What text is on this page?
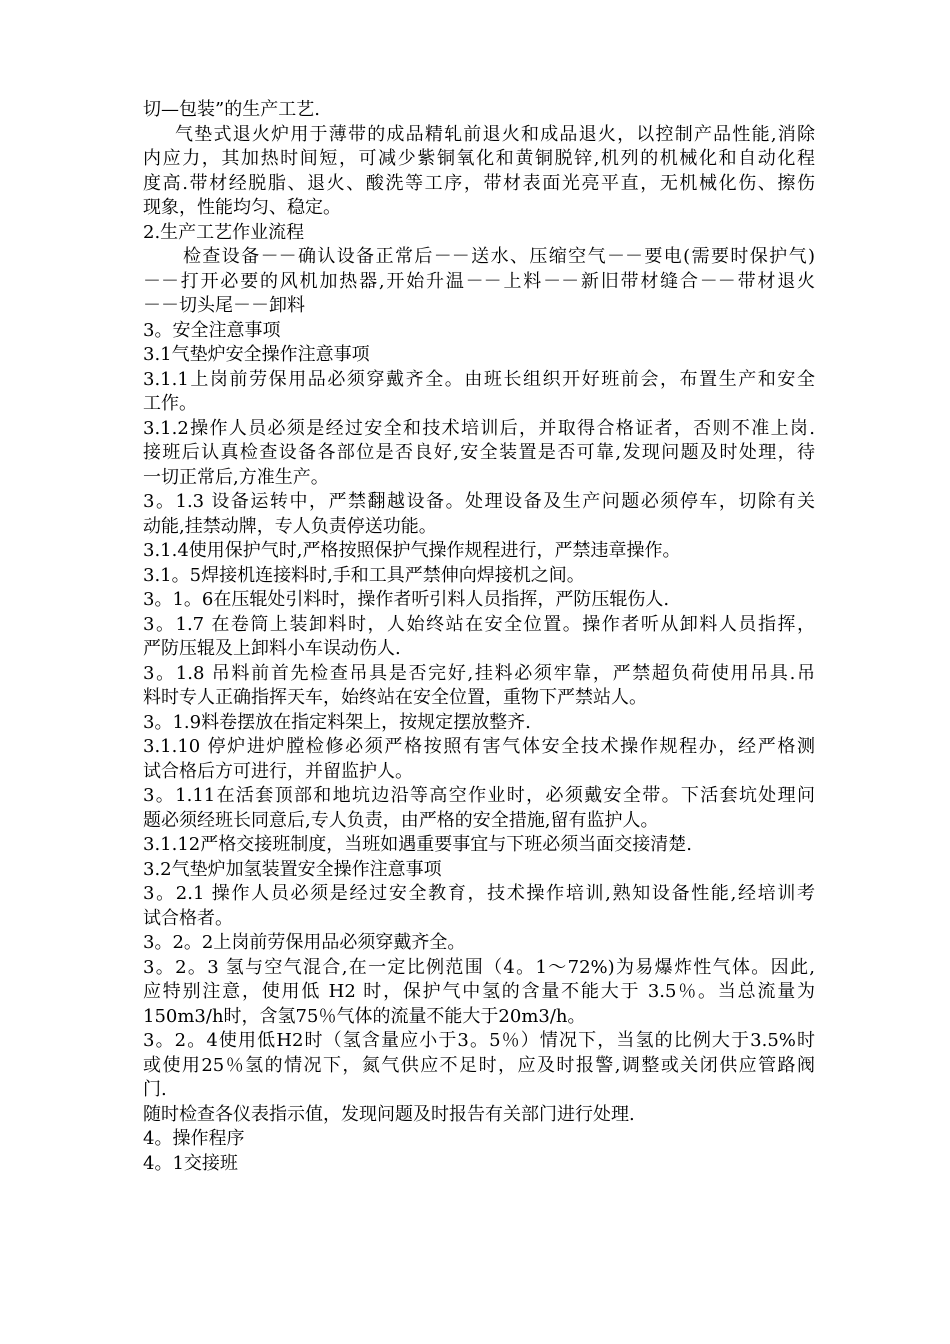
切—包装”的生产工艺.
气垫式退火炉用于薄带的成品精轧前退火和成品退火，以控制产品性能,消除
内应力，其加热时间短，可减少紫铜氧化和黄铜脱锌,机列的机械化和自动化程
度高.带材经脱脂、退火、酸洗等工序，带材表面光亮平直，无机械化伤、擦伤
现象，性能均匀、稳定。
2.生产工艺作业流程
检查设备－－确认设备正常后－－送水、压缩空气－－要电(需要时保护气)
－－打开必要的风机加热器,开始升温－－上料－－新旧带材缝合－－带材退火
－－切头尾－－卸料
3。安全注意事项
3.1气垫炉安全操作注意事项
3.1.1上岗前劳保用品必须穿戴齐全。由班长组织开好班前会，布置生产和安全
工作。
3.1.2操作人员必须是经过安全和技术培训后，并取得合格证者，否则不准上岗.
接班后认真检查设备各部位是否良好,安全装置是否可靠,发现问题及时处理，待
一切正常后,方准生产。
3。1.3 设备运转中，严禁翻越设备。处理设备及生产问题必须停车，切除有关
动能,挂禁动牌，专人负责停送功能。
3.1.4使用保护气时,严格按照保护气操作规程进行，严禁违章操作。
3.1。5焊接机连接料时,手和工具严禁伸向焊接机之间。
3。1。6在压辊处引料时，操作者听引料人员指挥，严防压辊伤人.
3。1.7 在卷筒上装卸料时，人始终站在安全位置。操作者听从卸料人员指挥，
严防压辊及上卸料小车误动伤人.
3。1.8 吊料前首先检查吊具是否完好,挂料必须牢靠，严禁超负荷使用吊具.吊
料时专人正确指挥天车，始终站在安全位置，重物下严禁站人。
3。1.9料卷摆放在指定料架上，按规定摆放整齐.
3.1.10 停炉进炉膛检修必须严格按照有害气体安全技术操作规程办，经严格测
试合格后方可进行，并留监护人。
3。1.11在活套顶部和地坑边沿等高空作业时，必须戴安全带。下活套坑处理问
题必须经班长同意后,专人负责，由严格的安全措施,留有监护人。
3.1.12严格交接班制度，当班如遇重要事宜与下班必须当面交接清楚.
3.2气垫炉加氢装置安全操作注意事项
3。2.1 操作人员必须是经过安全教育，技术操作培训,熟知设备性能,经培训考
试合格者。
3。2。2上岗前劳保用品必须穿戴齐全。
3。2。3 氢与空气混合,在一定比例范围（4。1～72%)为易爆炸性气体。因此,
应特别注意，使用低 H2 时，保护气中氢的含量不能大于 3.5％。当总流量为
150m3/h时，含氢75％气体的流量不能大于20m3/h。
3。2。4使用低H2时（氢含量应小于3。5％）情况下，当氢的比例大于3.5%时
或使用25％氢的情况下，氮气供应不足时，应及时报警,调整或关闭供应管路阀
门.
随时检查各仪表指示值，发现问题及时报告有关部门进行处理.
4。操作程序
4。1交接班
